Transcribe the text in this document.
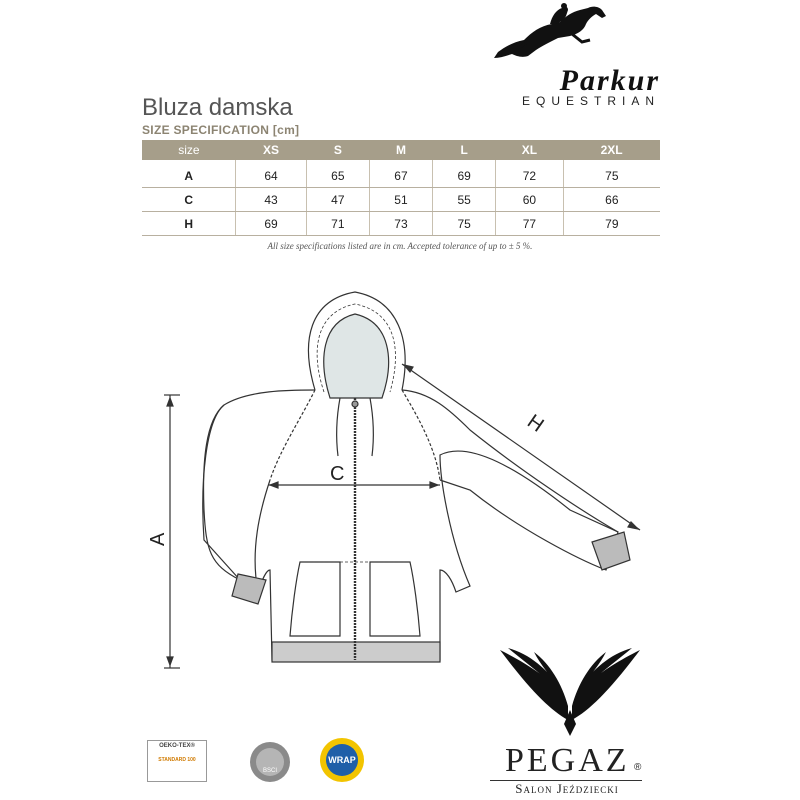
Parkur
EQUESTRIAN
Bluza damska
SIZE SPECIFICATION [cm]
size	XS	S	M	L	XL	2XL
A	64	65	67	69	72	75
C	43	47	51	55	60	66
H	69	71	73	75	77	79
All size specifications listed are in cm. Accepted tolerance of up to ± 5 %.
A
C
H
PEGAZ ®
Salon Jeździecki
OEKO-TEX®
STANDARD 100
BSCI
WRAP
